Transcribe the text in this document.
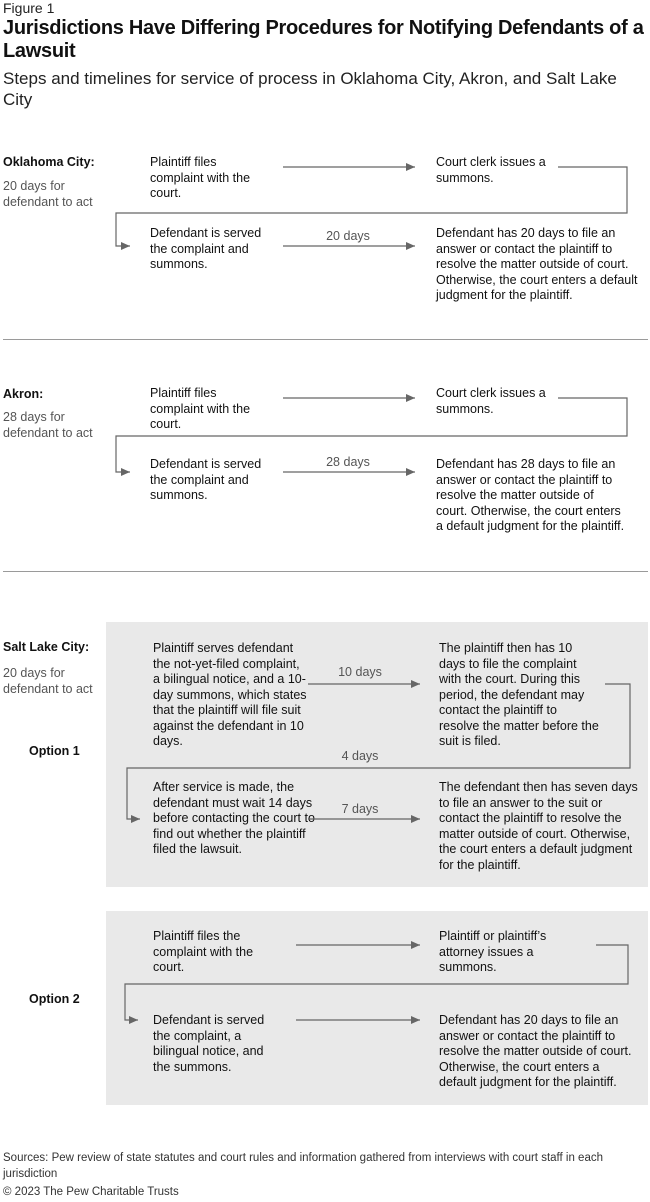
Figure 1
Jurisdictions Have Differing Procedures for Notifying Defendants of a Lawsuit
Steps and timelines for service of process in Oklahoma City, Akron, and Salt Lake City
Oklahoma City:
20 days for defendant to act
Plaintiff files complaint with the court.
Court clerk issues a summons.
Defendant is served the complaint and summons.
Defendant has 20 days to file an answer or contact the plaintiff to resolve the matter outside of court. Otherwise, the court enters a default judgment for the plaintiff.
20 days
Akron:
28 days for defendant to act
Plaintiff files complaint with the court.
Court clerk issues a summons.
Defendant is served the complaint and summons.
Defendant has 28 days to file an answer or contact the plaintiff to resolve the matter outside of court. Otherwise, the court enters a default judgment for the plaintiff.
28 days
Salt Lake City:
20 days for defendant to act
Option 1
Option 2
Plaintiff serves defendant the not-yet-filed complaint, a bilingual notice, and a 10-day summons, which states that the plaintiff will file suit against the defendant in 10 days.
The plaintiff then has 10 days to file the complaint with the court. During this period, the defendant may contact the plaintiff to resolve the matter before the suit is filed.
After service is made, the defendant must wait 14 days before contacting the court to find out whether the plaintiff filed the lawsuit.
The defendant then has seven days to file an answer to the suit or contact the plaintiff to resolve the matter outside of court. Otherwise, the court enters a default judgment for the plaintiff.
10 days
4 days
7 days
Plaintiff files the complaint with the court.
Plaintiff or plaintiff’s attorney issues a summons.
Defendant is served the complaint, a bilingual notice, and the summons.
Defendant has 20 days to file an answer or contact the plaintiff to resolve the matter outside of court. Otherwise, the court enters a default judgment for the plaintiff.
Sources: Pew review of state statutes and court rules and information gathered from interviews with court staff in each jurisdiction
© 2023 The Pew Charitable Trusts
